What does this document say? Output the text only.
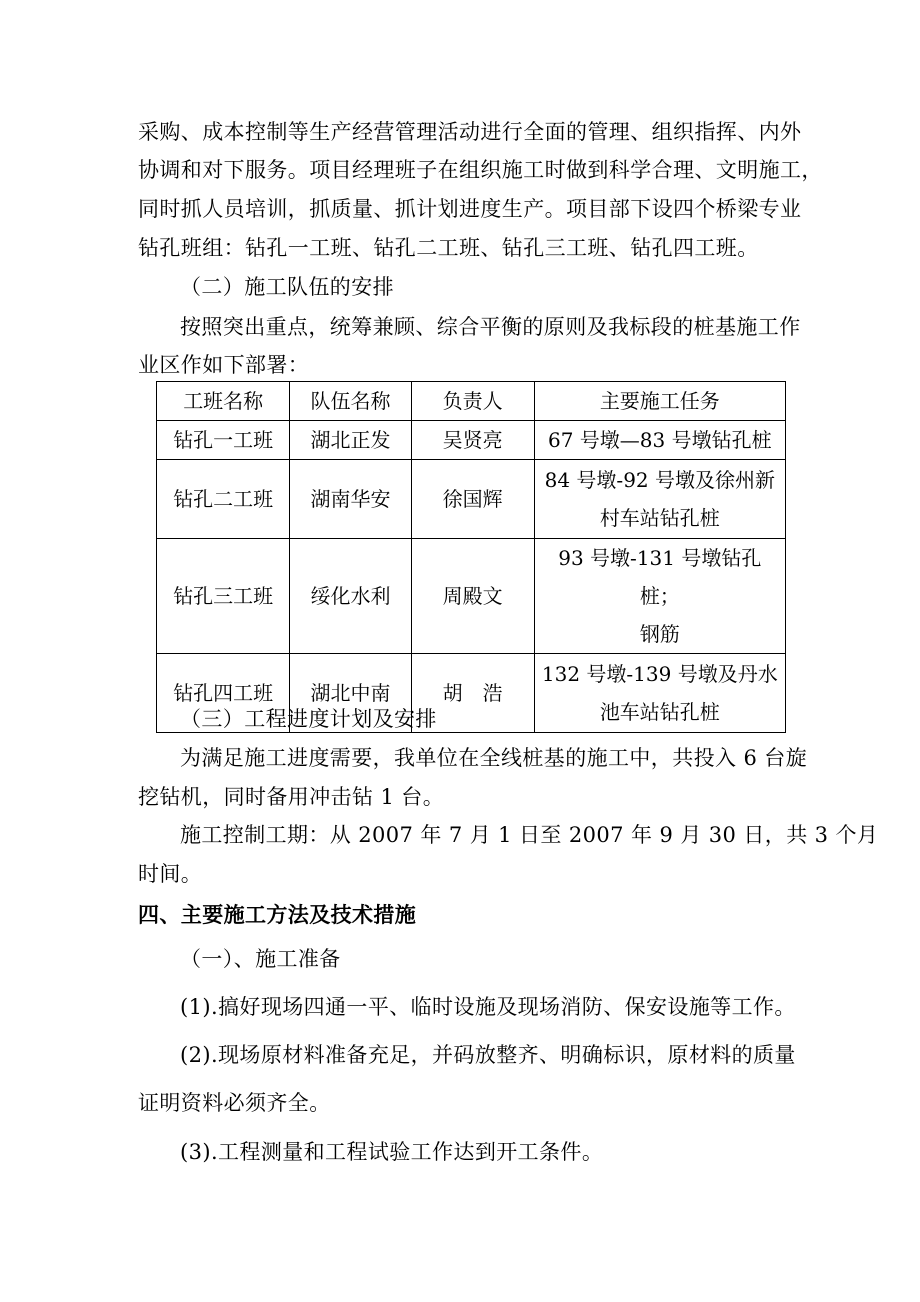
采购、成本控制等生产经营管理活动进行全面的管理、组织指挥、内外
协调和对下服务。项目经理班子在组织施工时做到科学合理、文明施工，
同时抓人员培训，抓质量、抓计划进度生产。项目部下设四个桥梁专业
钻孔班组：钻孔一工班、钻孔二工班、钻孔三工班、钻孔四工班。
（二）施工队伍的安排
按照突出重点，统筹兼顾、综合平衡的原则及我标段的桩基施工作
业区作如下部署：
工班名称	队伍名称	负责人	主要施工任务
钻孔一工班	湖北正发	吴贤亮	67 号墩—83 号墩钻孔桩
钻孔二工班	湖南华安	徐国辉	84 号墩-92 号墩及徐州新
村车站钻孔桩

钻孔三工班	绥化水利	周殿文	93 号墩-131 号墩钻孔桩；
钢筋

钻孔四工班	湖北中南	胡　浩	132 号墩-139 号墩及丹水
池车站钻孔桩
（三）工程进度计划及安排
为满足施工进度需要，我单位在全线桩基的施工中，共投入 6 台旋
挖钻机，同时备用冲击钻 1 台。
施工控制工期：从 2007 年 7 月 1 日至 2007 年 9 月 30 日，共 3 个月
时间。
四、主要施工方法及技术措施
（一）、施工准备
(1).搞好现场四通一平、临时设施及现场消防、保安设施等工作。
(2).现场原材料准备充足，并码放整齐、明确标识，原材料的质量
证明资料必须齐全。
(3).工程测量和工程试验工作达到开工条件。
